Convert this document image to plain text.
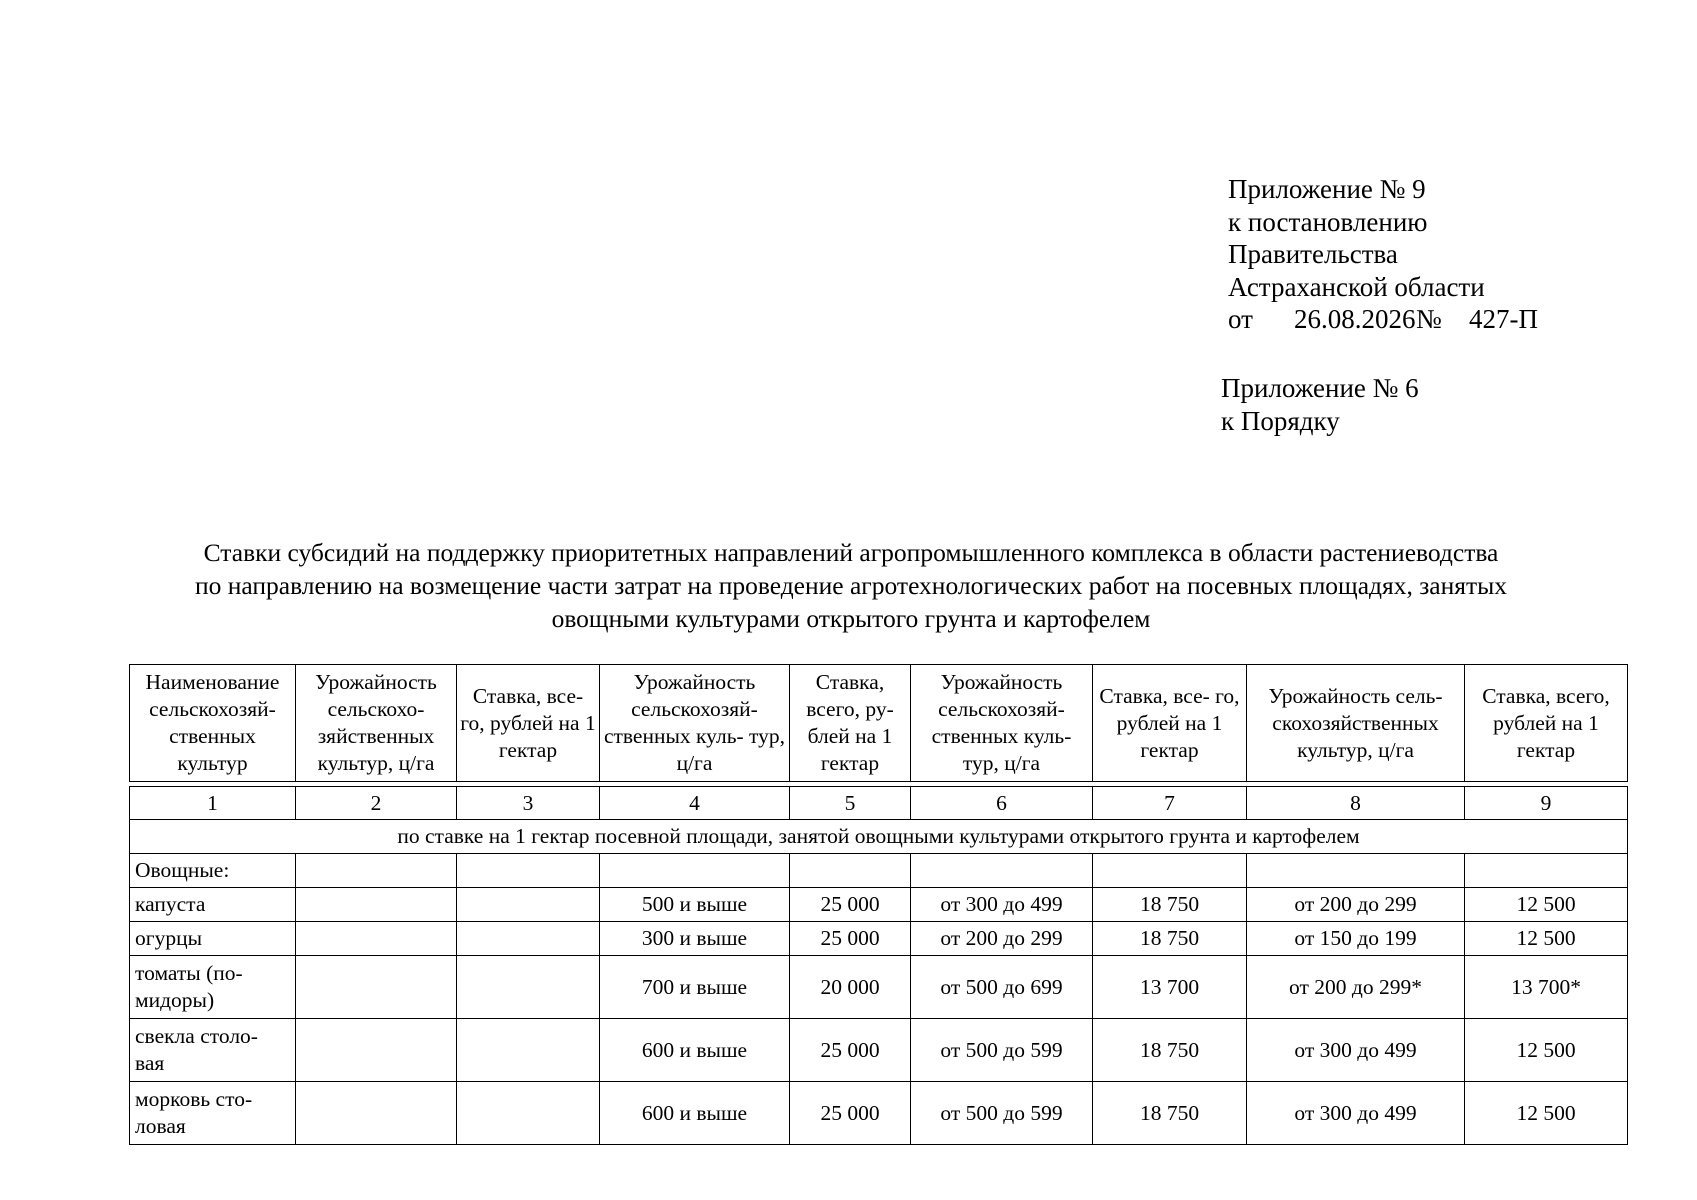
Приложение № 9
к постановлению
Правительства
Астраханской области
от 26.08.2026№ 427-П
Приложение № 6
к Порядку
Ставки субсидий на поддержку приоритетных направлений агропромышленного комплекса в области растениеводства
по направлению на возмещение части затрат на проведение агротехнологических работ на посевных площадях, занятых
овощными культурами открытого грунта и картофелем
Наименование сельскохозяй- ственных культур	Урожайность сельскохо- зяйственных культур, ц/га	Ставка, все- го, рублей на 1 гектар	Урожайность сельскохозяй- ственных куль- тур, ц/га	Ставка, всего, ру- блей на 1 гектар	Урожайность сельскохозяй- ственных куль- тур, ц/га	Ставка, все- го, рублей на 1 гектар	Урожайность сель- скохозяйственных культур, ц/га	Ставка, всего, рублей на 1 гектар

1	2	3	4	5	6	7	8	9
по ставке на 1 гектар посевной площади, занятой овощными культурами открытого грунта и картофелем								
Овощные:								
капуста			500 и выше	25 000	от 300 до 499	18 750	от 200 до 299	12 500
огурцы			300 и выше	25 000	от 200 до 299	18 750	от 150 до 199	12 500
томаты (по- мидоры)			700 и выше	20 000	от 500 до 699	13 700	от 200 до 299*	13 700*
свекла столо- вая			600 и выше	25 000	от 500 до 599	18 750	от 300 до 499	12 500
морковь сто- ловая			600 и выше	25 000	от 500 до 599	18 750	от 300 до 499	12 500
